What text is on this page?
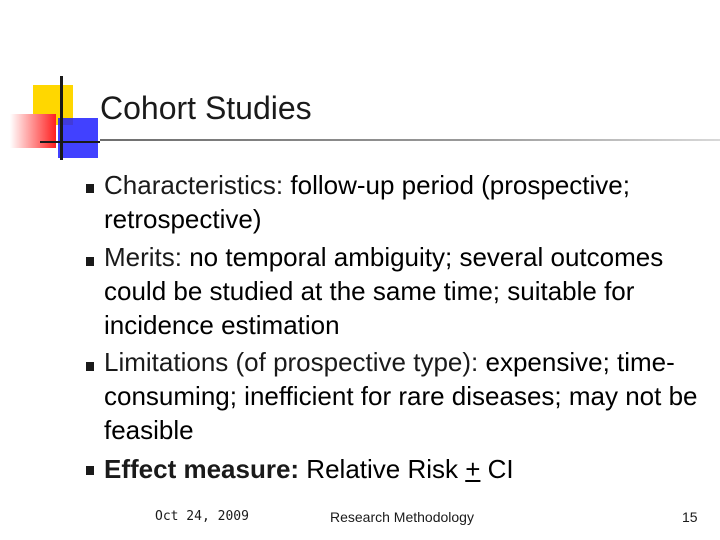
Cohort Studies
Characteristics: follow-up period (prospective; retrospective)
Merits: no temporal ambiguity; several outcomes could be studied at the same time; suitable for incidence estimation
Limitations (of prospective type): expensive; time-consuming; inefficient for rare diseases; may not be feasible
Effect measure: Relative Risk + CI
Oct 24, 2009	Research Methodology	15
